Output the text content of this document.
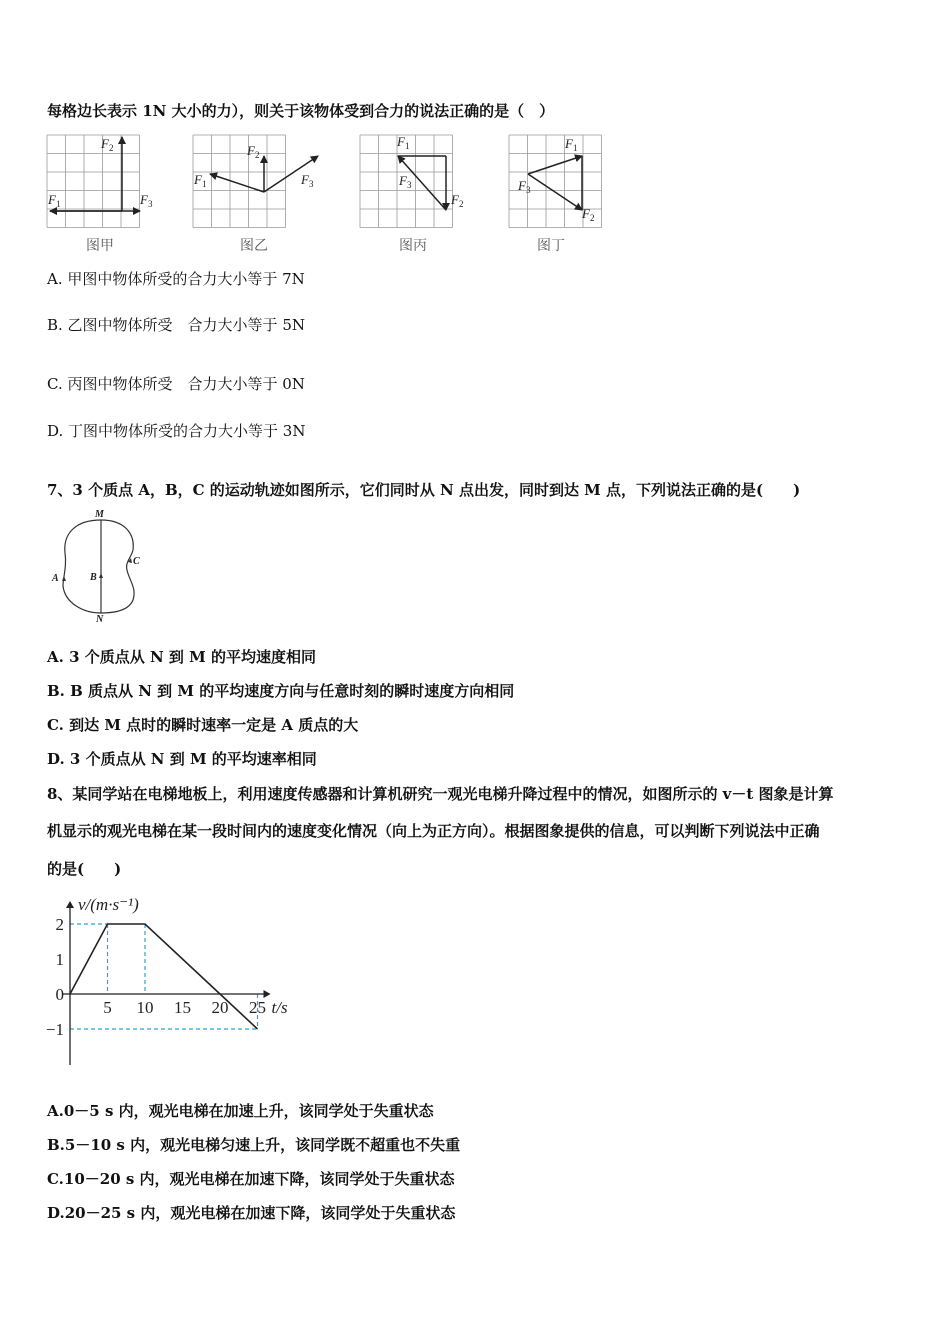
每格边长表示 1N 大小的力），则关于该物体受到合力的说法正确的是（　）
$F_2$
$F_1$	$F_3$
图甲
$F_2$
$F_1$	$F_3$
图乙
$F_1$
$F_3$
$F_2$
图丙
$F_1$
$F_3$
$F_2$
图丁
A. 甲图中物体所受的合力大小等于 7N
B. 乙图中物体所受　合力大小等于 5N
C. 丙图中物体所受　合力大小等于 0N
D. 丁图中物体所受的合力大小等于 3N
7、3 个质点 A，B，C 的运动轨迹如图所示，它们同时从 N 点出发，同时到达 M 点，下列说法正确的是(　　)
M
N
A	B
C
A. 3 个质点从 N 到 M 的平均速度相同
B. B 质点从 N 到 M 的平均速度方向与任意时刻的瞬时速度方向相同
C. 到达 M 点时的瞬时速率一定是 A 质点的大
D. 3 个质点从 N 到 M 的平均速率相同
8、某同学站在电梯地板上，利用速度传感器和计算机研究一观光电梯升降过程中的情况，如图所示的 v－t 图象是计算
机显示的观光电梯在某一段时间内的速度变化情况（向上为正方向）。根据图象提供的信息，可以判断下列说法中正确
的是(　　)
5 10 15 20 25
2
1
0
−1
v/(m·s⁻¹)
t/s
A.0－5 s 内，观光电梯在加速上升，该同学处于失重状态
B.5－10 s 内，观光电梯匀速上升，该同学既不超重也不失重
C.10－20 s 内，观光电梯在加速下降，该同学处于失重状态
D.20－25 s 内，观光电梯在加速下降，该同学处于失重状态
